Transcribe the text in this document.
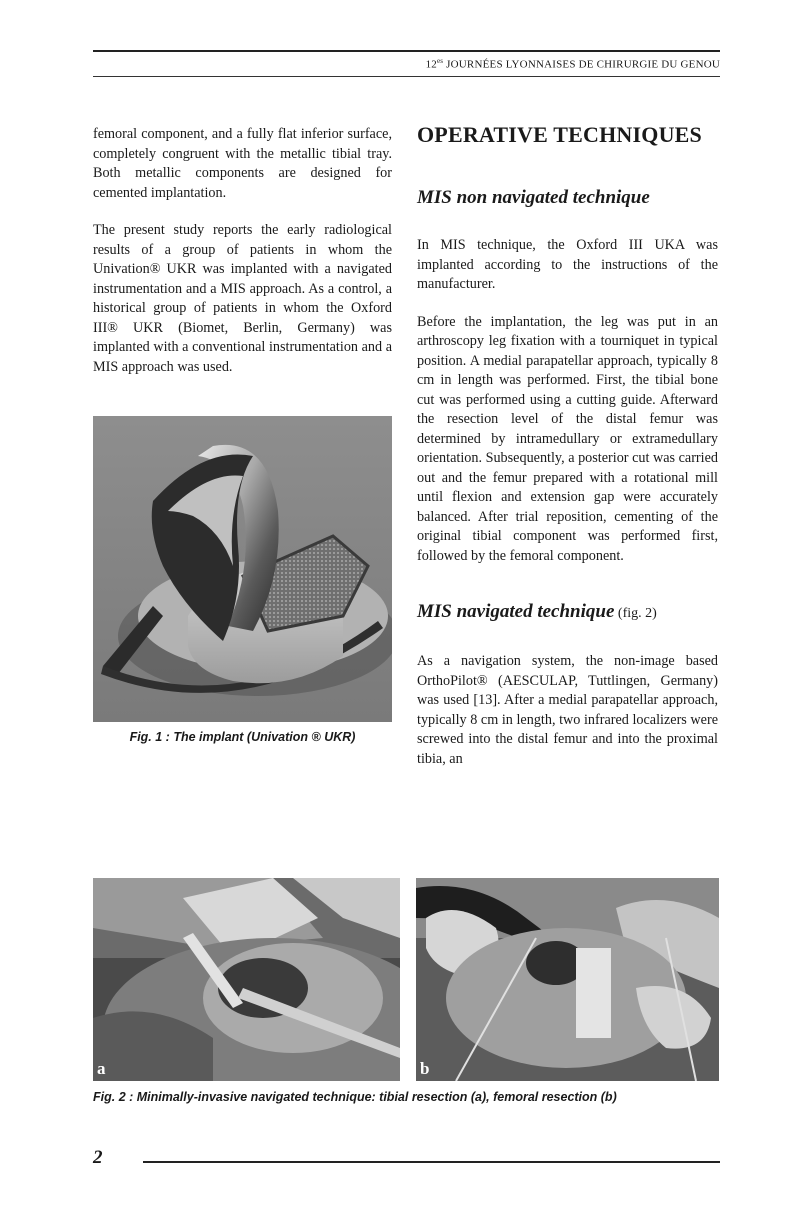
$12^{es}$ JOURNÉES LYONNAISES DE CHIRURGIE DU GENOU

femoral component, and a fully flat inferior surface, completely congruent with the metallic tibial tray. Both metallic components are designed for cemented implantation.

The present study reports the early radiological results of a group of patients in whom the Univation® UKR was implanted with a navigated instrumentation and a MIS approach. As a control, a historical group of patients in whom the Oxford III® UKR (Biomet, Berlin, Germany) was implanted with a conventional instrumentation and a MIS approach was used.

Fig. 1 : The implant (Univation ® UKR)
OPERATIVE TECHNIQUES
MIS non navigated technique

In MIS technique, the Oxford III UKA was implanted according to the instructions of the manufacturer.

Before the implantation, the leg was put in an arthroscopy leg fixation with a tourniquet in typical position. A medial parapatellar approach, typically 8 cm in length was performed. First, the tibial bone cut was performed using a cutting guide. Afterward the resection level of the distal femur was determined by intramedullary or extramedullary orientation. Subsequently, a posterior cut was carried out and the femur prepared with a rotational mill until flexion and extension gap were accurately balanced. After trial reposition, cementing of the original tibial component was performed first, followed by the femoral component.

MIS navigated technique (fig. 2)

As a navigation system, the non-image based OrthoPilot® (AESCULAP, Tuttlingen, Germany) was used [13]. After a medial parapatellar approach, typically 8 cm in length, two infrared localizers were screwed into the distal femur and into the proximal tibia, an

a	b
Fig. 2 : Minimally-invasive navigated technique: tibial resection (a), femoral resection (b)
2
